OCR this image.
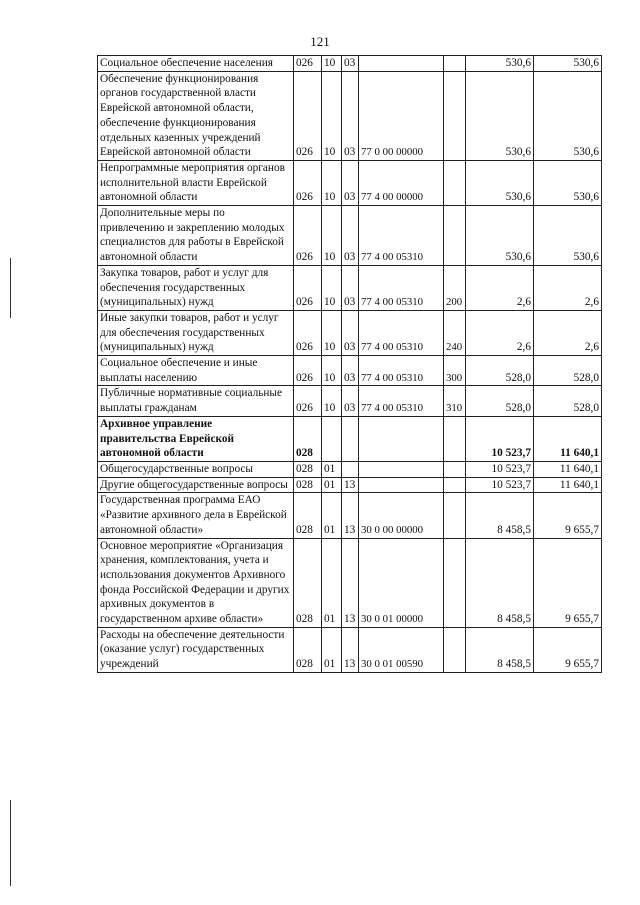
121
Социальное обеспечение населения	026	10	03			530,6	530,6
Обеспечение функционирования органов государственной власти Еврейской автономной области, обеспечение функционирования отдельных казенных учреждений Еврейской автономной области	026	10	03	77 0 00 00000		530,6	530,6
Непрограммные мероприятия органов исполнительной власти Еврейской автономной области	026	10	03	77 4 00 00000		530,6	530,6
Дополнительные меры по привлечению и закреплению молодых специалистов для работы в Еврейской автономной области	026	10	03	77 4 00 05310		530,6	530,6
Закупка товаров, работ и услуг для обеспечения государственных (муниципальных) нужд	026	10	03	77 4 00 05310	200	2,6	2,6
Иные закупки товаров, работ и услуг для обеспечения государственных (муниципальных) нужд	026	10	03	77 4 00 05310	240	2,6	2,6
Социальное обеспечение и иные выплаты населению	026	10	03	77 4 00 05310	300	528,0	528,0
Публичные нормативные социальные выплаты гражданам	026	10	03	77 4 00 05310	310	528,0	528,0
Архивное управление правительства Еврейской автономной области	028					10 523,7	11 640,1
Общегосударственные вопросы	028	01				10 523,7	11 640,1
Другие общегосударственные вопросы	028	01	13			10 523,7	11 640,1
Государственная программа ЕАО «Развитие архивного дела в Еврейской автономной области»	028	01	13	30 0 00 00000		8 458,5	9 655,7
Основное мероприятие «Организация хранения, комплектования, учета и использования документов Архивного фонда Российской Федерации и других архивных документов в государственном архиве области»	028	01	13	30 0 01 00000		8 458,5	9 655,7
Расходы на обеспечение деятельности (оказание услуг) государственных учреждений	028	01	13	30 0 01 00590		8 458,5	9 655,7
